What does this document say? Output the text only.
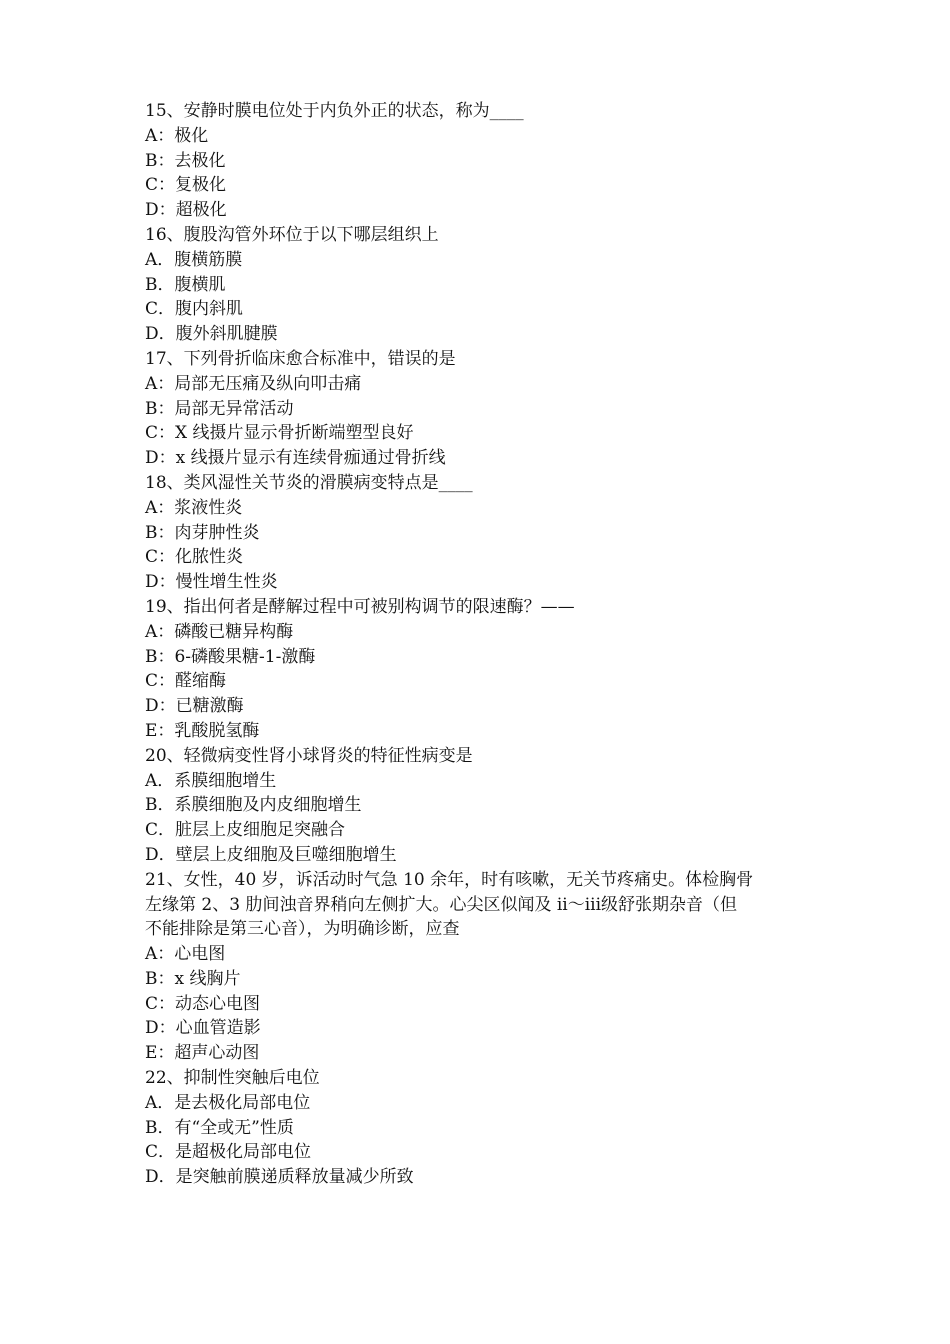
15、安静时膜电位处于内负外正的状态，称为____
A：极化
B：去极化
C：复极化
D：超极化
16、腹股沟管外环位于以下哪层组织上
A．腹横筋膜
B．腹横肌
C．腹内斜肌
D．腹外斜肌腱膜
17、下列骨折临床愈合标准中，错误的是
A：局部无压痛及纵向叩击痛
B：局部无异常活动
C：X 线摄片显示骨折断端塑型良好
D：x 线摄片显示有连续骨痂通过骨折线
18、类风湿性关节炎的滑膜病变特点是____
A：浆液性炎
B：肉芽肿性炎
C：化脓性炎
D：慢性增生性炎
19、指出何者是酵解过程中可被别构调节的限速酶？——
A：磷酸已糖异构酶
B：6-磷酸果糖-1-激酶
C：醛缩酶
D：已糖激酶
E：乳酸脱氢酶
20、轻微病变性肾小球肾炎的特征性病变是
A．系膜细胞增生
B．系膜细胞及内皮细胞增生
C．脏层上皮细胞足突融合
D．壁层上皮细胞及巨噬细胞增生
21、女性，40 岁，诉活动时气急 10 余年，时有咳嗽，无关节疼痛史。体检胸骨
左缘第 2、3 肋间浊音界稍向左侧扩大。心尖区似闻及 ii～iii级舒张期杂音（但
不能排除是第三心音），为明确诊断，应查
A：心电图
B：x 线胸片
C：动态心电图
D：心血管造影
E：超声心动图
22、抑制性突触后电位
A．是去极化局部电位
B．有“全或无”性质
C．是超极化局部电位
D．是突触前膜递质释放量减少所致
